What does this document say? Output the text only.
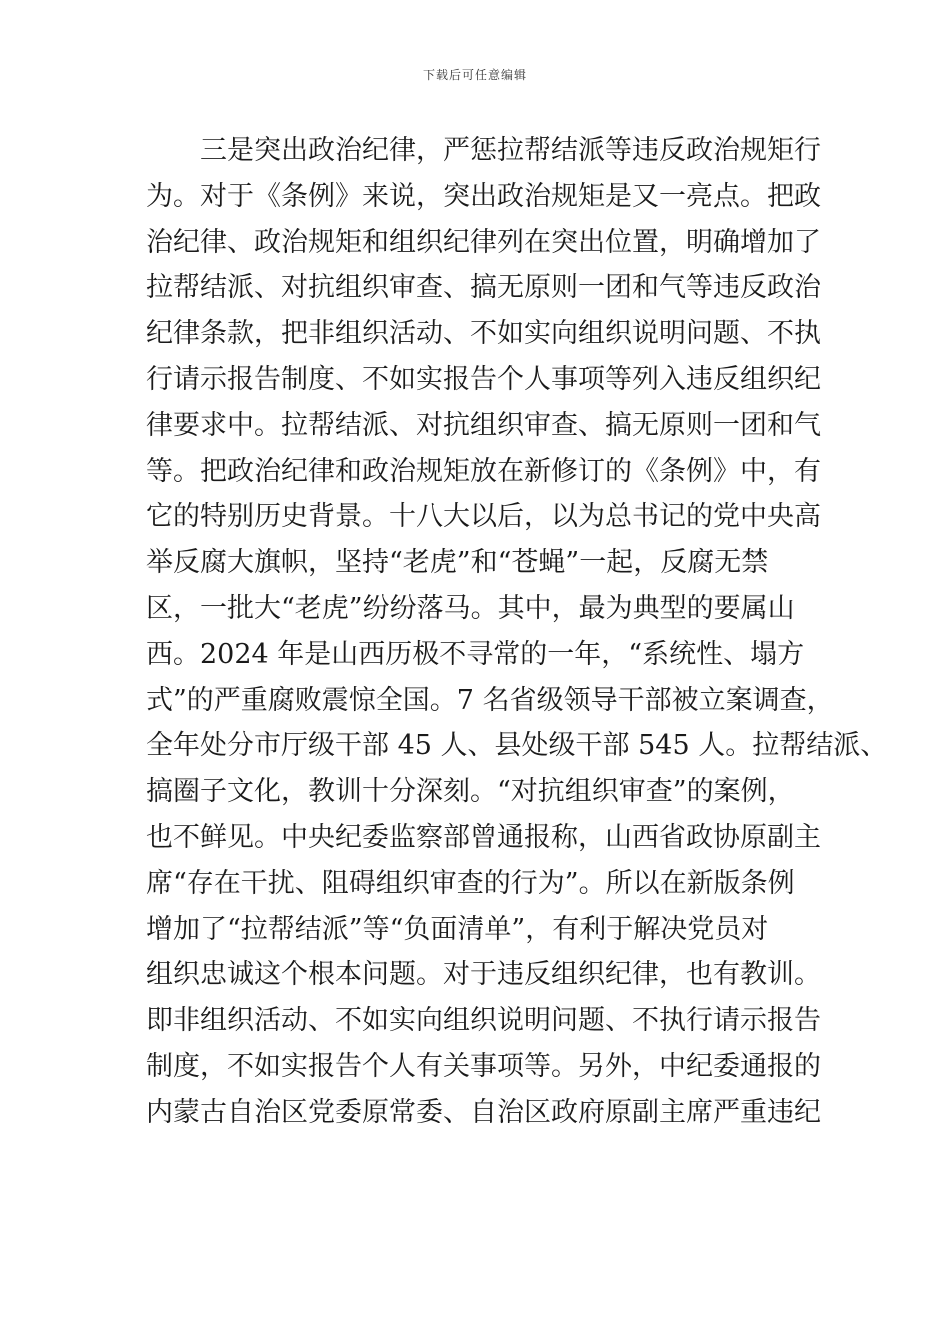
下载后可任意编辑
三是突出政治纪律，严惩拉帮结派等违反政治规矩行
为。对于《条例》来说，突出政治规矩是又一亮点。把政
治纪律、政治规矩和组织纪律列在突出位置，明确增加了
拉帮结派、对抗组织审查、搞无原则一团和气等违反政治
纪律条款，把非组织活动、不如实向组织说明问题、不执
行请示报告制度、不如实报告个人事项等列入违反组织纪
律要求中。拉帮结派、对抗组织审查、搞无原则一团和气
等。把政治纪律和政治规矩放在新修订的《条例》中，有
它的特别历史背景。十八大以后，以为总书记的党中央高
举反腐大旗帜，坚持“老虎”和“苍蝇”一起，反腐无禁
区，一批大“老虎”纷纷落马。其中，最为典型的要属山
西。2024 年是山西历极不寻常的一年，“系统性、塌方
式”的严重腐败震惊全国。7 名省级领导干部被立案调查，
全年处分市厅级干部 45 人、县处级干部 545 人。拉帮结派、
搞圈子文化，教训十分深刻。“对抗组织审查”的案例，
也不鲜见。中央纪委监察部曾通报称，山西省政协原副主
席“存在干扰、阻碍组织审查的行为”。所以在新版条例
增加了“拉帮结派”等“负面清单”，有利于解决党员对
组织忠诚这个根本问题。对于违反组织纪律，也有教训。
即非组织活动、不如实向组织说明问题、不执行请示报告
制度，不如实报告个人有关事项等。另外，中纪委通报的
内蒙古自治区党委原常委、自治区政府原副主席严重违纪
